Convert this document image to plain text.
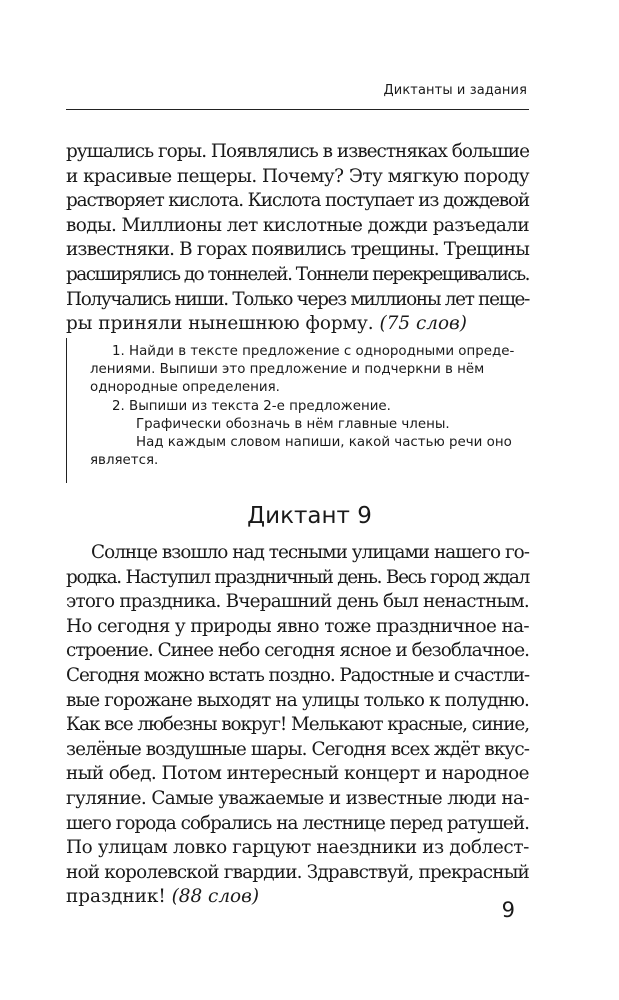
Диктанты и задания
рушались горы. Появлялись в известняках большие
и красивые пещеры. Почему? Эту мягкую породу
растворяет кислота. Кислота поступает из дождевой
воды. Миллионы лет кислотные дожди разъедали
известняки. В горах появились трещины. Трещины
расширялись до тоннелей. Тоннели перекрещивались.
Получались ниши. Только через миллионы лет пеще-
ры приняли нынешнюю форму. (75 слов)
1. Найди в тексте предложение с однородными опреде-
лениями. Выпиши это предложение и подчеркни в нём
однородные определения.
2. Выпиши из текста 2-е предложение.
Графически обозначь в нём главные члены.
Над каждым словом напиши, какой частью речи оно
является.
Диктант 9
Солнце взошло над тесными улицами нашего го-
родка. Наступил праздничный день. Весь город ждал
этого праздника. Вчерашний день был ненастным.
Но сегодня у природы явно тоже праздничное на-
строение. Синее небо сегодня ясное и безоблачное.
Сегодня можно встать поздно. Радостные и счастли-
вые горожане выходят на улицы только к полудню.
Как все любезны вокруг! Мелькают красные, синие,
зелёные воздушные шары. Сегодня всех ждёт вкус-
ный обед. Потом интересный концерт и народное
гуляние. Самые уважаемые и известные люди на-
шего города собрались на лестнице перед ратушей.
По улицам ловко гарцуют наездники из доблест-
ной королевской гвардии. Здравствуй, прекрасный
праздник! (88 слов)
9
